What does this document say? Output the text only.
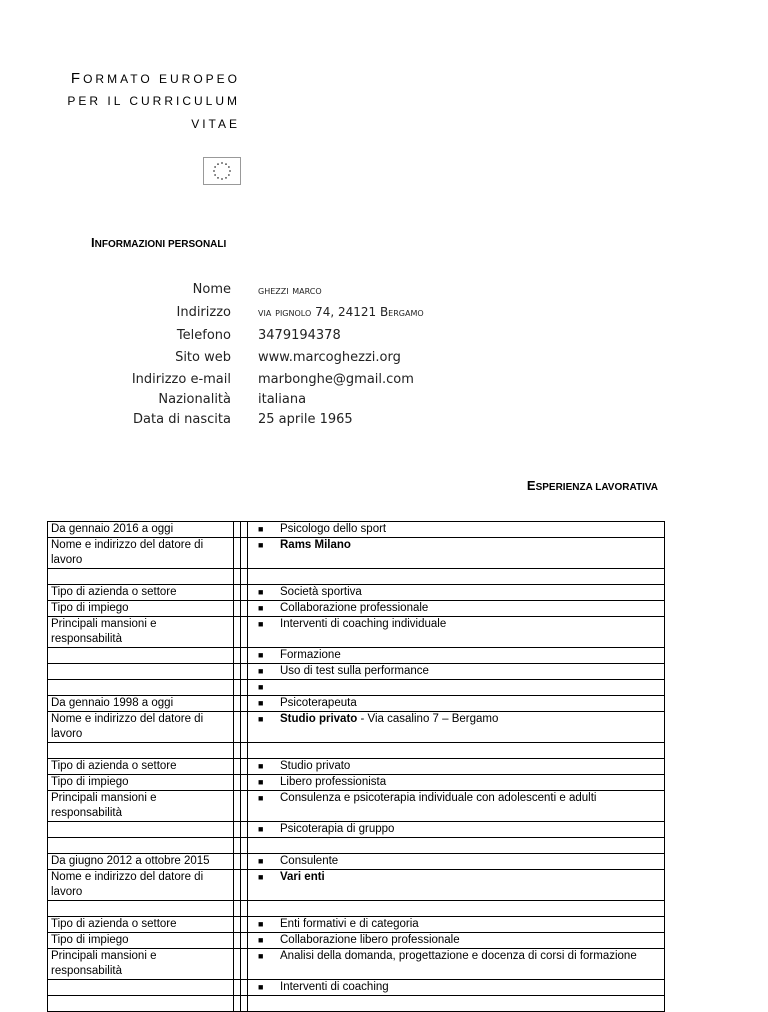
FORMATO EUROPEO
PER IL CURRICULUM
VITAE
INFORMAZIONI PERSONALI
Nome ghezzi marco
Indirizzo via pignolo 74, 24121 Bergamo
Telefono 3479194378
Sito web www.marcoghezzi.org
Indirizzo e-mail marbonghe@gmail.com
Nazionalità italiana
Data di nascita 25 aprile 1965
ESPERIENZA LAVORATIVA
Da gennaio 2016 a oggi			■ Psicologo dello sport
Nome e indirizzo del datore di lavoro			■ Rams Milano

Tipo di azienda o settore			■ Società sportiva
Tipo di impiego			■ Collaborazione professionale
Principali mansioni e responsabilità			■ Interventi di coaching individuale
			■ Formazione
			■ Uso di test sulla performance
			■
Da gennaio 1998 a oggi			■ Psicoterapeuta
Nome e indirizzo del datore di lavoro			■ Studio privato - Via casalino 7 – Bergamo

Tipo di azienda o settore			■ Studio privato
Tipo di impiego			■ Libero professionista
Principali mansioni e responsabilità			■ Consulenza e psicoterapia individuale con adolescenti e adulti
			■ Psicoterapia di gruppo

Da giugno 2012 a ottobre 2015			■ Consulente
Nome e indirizzo del datore di lavoro			■ Vari enti

Tipo di azienda o settore			■ Enti formativi e di categoria
Tipo di impiego			■ Collaborazione libero professionale
Principali mansioni e responsabilità			■ Analisi della domanda, progettazione e docenza di corsi di formazione
			■ Interventi di coaching
